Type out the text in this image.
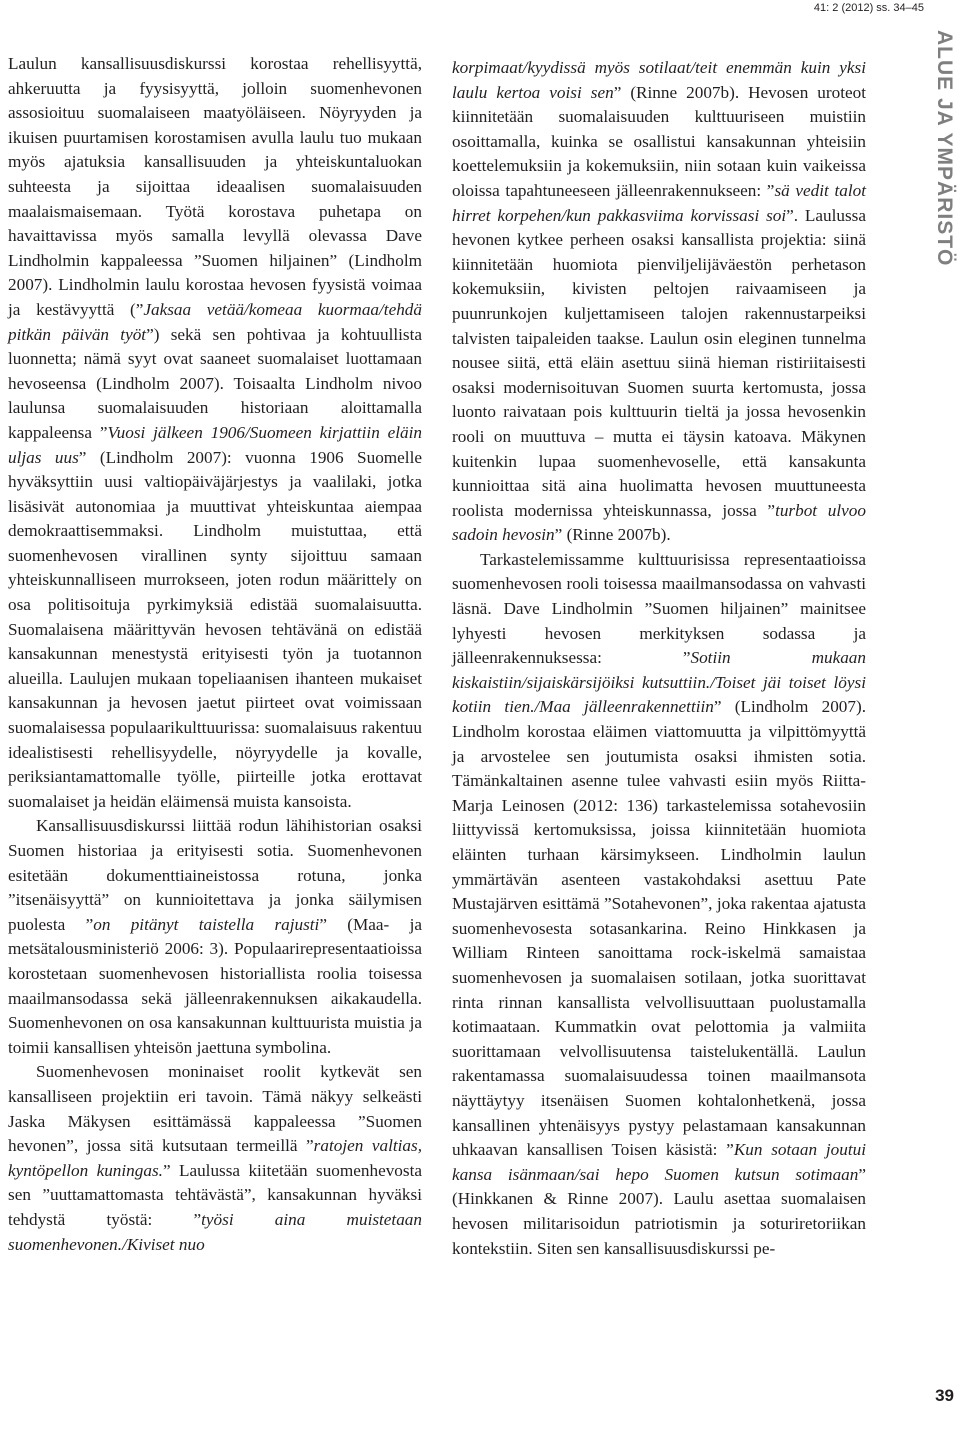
41: 2 (2012) ss. 34–45
ALUE JA YMPÄRISTÖ

Laulun kansallisuusdiskurssi korostaa rehellisyyttä, ahkeruutta ja fyysisyyttä, jolloin suomenhevonen assosioituu suomalaiseen maatyöläiseen. Nöyryyden ja ikuisen puurtamisen korostamisen avulla laulu tuo mukaan myös ajatuksia kansallisuuden ja yhteiskuntaluokan suhteesta ja sijoittaa ideaalisen suomalaisuuden maalaismaisemaan. Työtä korostava puhetapa on havaittavissa myös samalla levyllä olevassa Dave Lindholmin kappaleessa ”Suomen hiljainen” (Lindholm 2007). Lindholmin laulu korostaa hevosen fyysistä voimaa ja kestävyyttä (”Jaksaa vetää/komeaa kuormaa/tehdä pitkän päivän työt”) sekä sen pohtivaa ja kohtuullista luonnetta; nämä syyt ovat saaneet suomalaiset luottamaan hevoseensa (Lindholm 2007). Toisaalta Lindholm nivoo laulunsa suomalaisuuden historiaan aloittamalla kappaleensa ”Vuosi jälkeen 1906/Suomeen kirjattiin eläin uljas uus” (Lindholm 2007): vuonna 1906 Suomelle hyväksyttiin uusi valtiopäiväjärjestys ja vaalilaki, jotka lisäsivät autonomiaa ja muuttivat yhteiskuntaa aiempaa demokraattisemmaksi. Lindholm muistuttaa, että suomenhevosen virallinen synty sijoittuu samaan yhteiskunnalliseen murrokseen, joten rodun määrittely on osa politisoituja pyrkimyksiä edistää suomalaisuutta. Suomalaisena määrittyvän hevosen tehtävänä on edistää kansakunnan menestystä erityisesti työn ja tuotannon alueilla. Laulujen mukaan topeliaanisen ihanteen mukaiset kansakunnan ja hevosen jaetut piirteet ovat voimissaan suomalaisessa populaarikulttuurissa: suomalaisuus rakentuu idealistisesti rehellisyydelle, nöyryydelle ja kovalle, periksiantamattomalle työlle, piirteille jotka erottavat suomalaiset ja heidän eläimensä muista kansoista.

Kansallisuusdiskurssi liittää rodun lähihistorian osaksi Suomen historiaa ja erityisesti sotia. Suomenhevonen esitetään dokumenttiaineistossa rotuna, jonka ”itsenäisyyttä” on kunnioitettava ja jonka säilymisen puolesta ”on pitänyt taistella rajusti” (Maa- ja metsätalousministeriö 2006: 3). Populaarirepresentaatioissa korostetaan suomenhevosen historiallista roolia toisessa maailmansodassa sekä jälleenrakennuksen aikakaudella. Suomenhevonen on osa kansakunnan kulttuurista muistia ja toimii kansallisen yhteisön jaettuna symbolina.

Suomenhevosen moninaiset roolit kytkevät sen kansalliseen projektiin eri tavoin. Tämä näkyy selkeästi Jaska Mäkysen esittämässä kappaleessa ”Suomen hevonen”, jossa sitä kutsutaan termeillä ”ratojen valtias, kyntöpellon kuningas.” Laulussa kiitetään suomenhevosta sen ”uuttamattomasta tehtävästä”, kansakunnan hyväksi tehdystä työstä: ”työsi aina muistetaan suomenhevonen./Kiviset nuo

korpimaat/kyydissä myös sotilaat/teit enemmän kuin yksi laulu kertoa voisi sen” (Rinne 2007b). Hevosen uroteot kiinnitetään suomalaisuuden kulttuuriseen muistiin osoittamalla, kuinka se osallistui kansakunnan yhteisiin koettelemuksiin ja kokemuksiin, niin sotaan kuin vaikeissa oloissa tapahtuneeseen jälleenrakennukseen: ”sä vedit talot hirret korpehen/kun pakkasviima korvissasi soi”. Laulussa hevonen kytkee perheen osaksi kansallista projektia: siinä kiinnitetään huomiota pienviljelijäväestön perhetason kokemuksiin, kivisten peltojen raivaamiseen ja puunrunkojen kuljettamiseen talojen rakennustarpeiksi talvisten taipaleiden taakse. Laulun osin eleginen tunnelma nousee siitä, että eläin asettuu siinä hieman ristiriitaisesti osaksi modernisoituvan Suomen suurta kertomusta, jossa luonto raivataan pois kulttuurin tieltä ja jossa hevosenkin rooli on muuttuva – mutta ei täysin katoava. Mäkynen kuitenkin lupaa suomenhevoselle, että kansakunta kunnioittaa sitä aina huolimatta hevosen muuttuneesta roolista modernissa yhteiskunnassa, jossa ”turbot ulvoo sadoin hevosin” (Rinne 2007b).

Tarkastelemissamme kulttuurisissa representaatioissa suomenhevosen rooli toisessa maailmansodassa on vahvasti läsnä. Dave Lindholmin ”Suomen hiljainen” mainitsee lyhyesti hevosen merkityksen sodassa ja jälleenrakennuksessa: ”Sotiin mukaan kiskaistiin/sijaiskärsijöiksi kutsuttiin./Toiset jäi toiset löysi kotiin tien./Maa jälleenrakennettiin” (Lindholm 2007). Lindholm korostaa eläimen viattomuutta ja vilpittömyyttä ja arvostelee sen joutumista osaksi ihmisten sotia. Tämänkaltainen asenne tulee vahvasti esiin myös Riitta-Marja Leinosen (2012: 136) tarkastelemissa sotahevosiin liittyvissä kertomuksissa, joissa kiinnitetään huomiota eläinten turhaan kärsimykseen. Lindholmin laulun ymmärtävän asenteen vastakohdaksi asettuu Pate Mustajärven esittämä ”Sotahevonen”, joka rakentaa ajatusta suomenhevosesta sotasankarina. Reino Hinkkasen ja William Rinteen sanoittama rock-iskelmä samaistaa suomenhevosen ja suomalaisen sotilaan, jotka suorittavat rinta rinnan kansallista velvollisuuttaan puolustamalla kotimaataan. Kummatkin ovat pelottomia ja valmiita suorittamaan velvollisuutensa taistelukentällä. Laulun rakentamassa suomalaisuudessa toinen maailmansota näyttäytyy itsenäisen Suomen kohtalonhetkenä, jossa kansallinen yhtenäisyys pystyy pelastamaan kansakunnan uhkaavan kansallisen Toisen käsistä: ”Kun sotaan joutui kansa isänmaan/sai hepo Suomen kutsun sotimaan” (Hinkkanen & Rinne 2007). Laulu asettaa suomalaisen hevosen militarisoidun patriotismin ja soturiretoriikan kontekstiin. Siten sen kansallisuusdiskurssi pe-

39
